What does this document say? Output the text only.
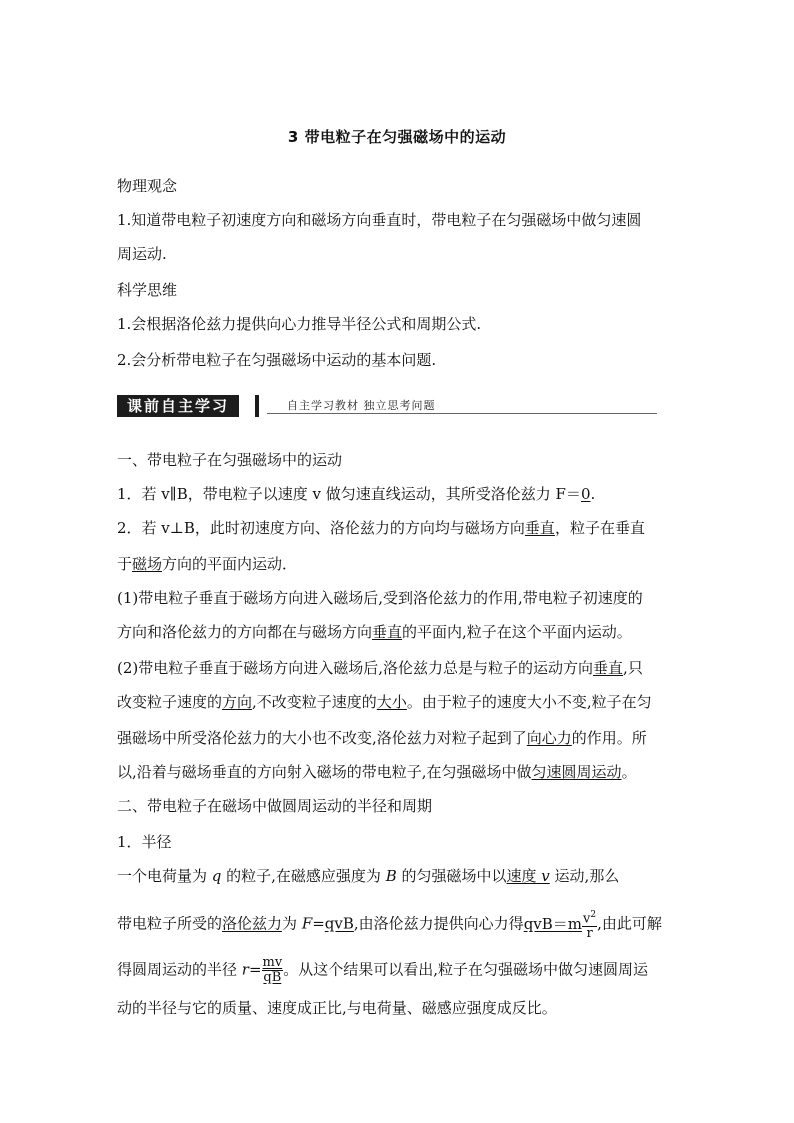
3 带电粒子在匀强磁场中的运动
物理观念
1.知道带电粒子初速度方向和磁场方向垂直时，带电粒子在匀强磁场中做匀速圆
周运动.
科学思维
1.会根据洛伦兹力提供向心力推导半径公式和周期公式.
2.会分析带电粒子在匀强磁场中运动的基本问题.
课前自主学习	自主学习教材 独立思考问题
一、带电粒子在匀强磁场中的运动
1．若 v∥B，带电粒子以速度 v 做匀速直线运动，其所受洛伦兹力 F＝0.
2．若 v⊥B，此时初速度方向、洛伦兹力的方向均与磁场方向垂直，粒子在垂直
于磁场方向的平面内运动．
(1)带电粒子垂直于磁场方向进入磁场后,受到洛伦兹力的作用,带电粒子初速度的
方向和洛伦兹力的方向都在与磁场方向垂直的平面内,粒子在这个平面内运动。
(2)带电粒子垂直于磁场方向进入磁场后,洛伦兹力总是与粒子的运动方向垂直,只
改变粒子速度的方向,不改变粒子速度的大小。由于粒子的速度大小不变,粒子在匀
强磁场中所受洛伦兹力的大小也不改变,洛伦兹力对粒子起到了向心力的作用。所
以,沿着与磁场垂直的方向射入磁场的带电粒子,在匀强磁场中做匀速圆周运动。
二、带电粒子在磁场中做圆周运动的半径和周期
1．半径
一个电荷量为 q 的粒子,在磁感应强度为 B 的匀强磁场中以速度 v 运动,那么
带电粒子所受的洛伦兹力为 F=qvB,由洛伦兹力提供向心力得$qvB=m \frac{v^2}{r}$ ,由此可解
得圆周运动的半径 $r= \frac{mv}{qB}$ 。从这个结果可以看出,粒子在匀强磁场中做匀速圆周运
动的半径与它的质量、速度成正比,与电荷量、磁感应强度成反比。
